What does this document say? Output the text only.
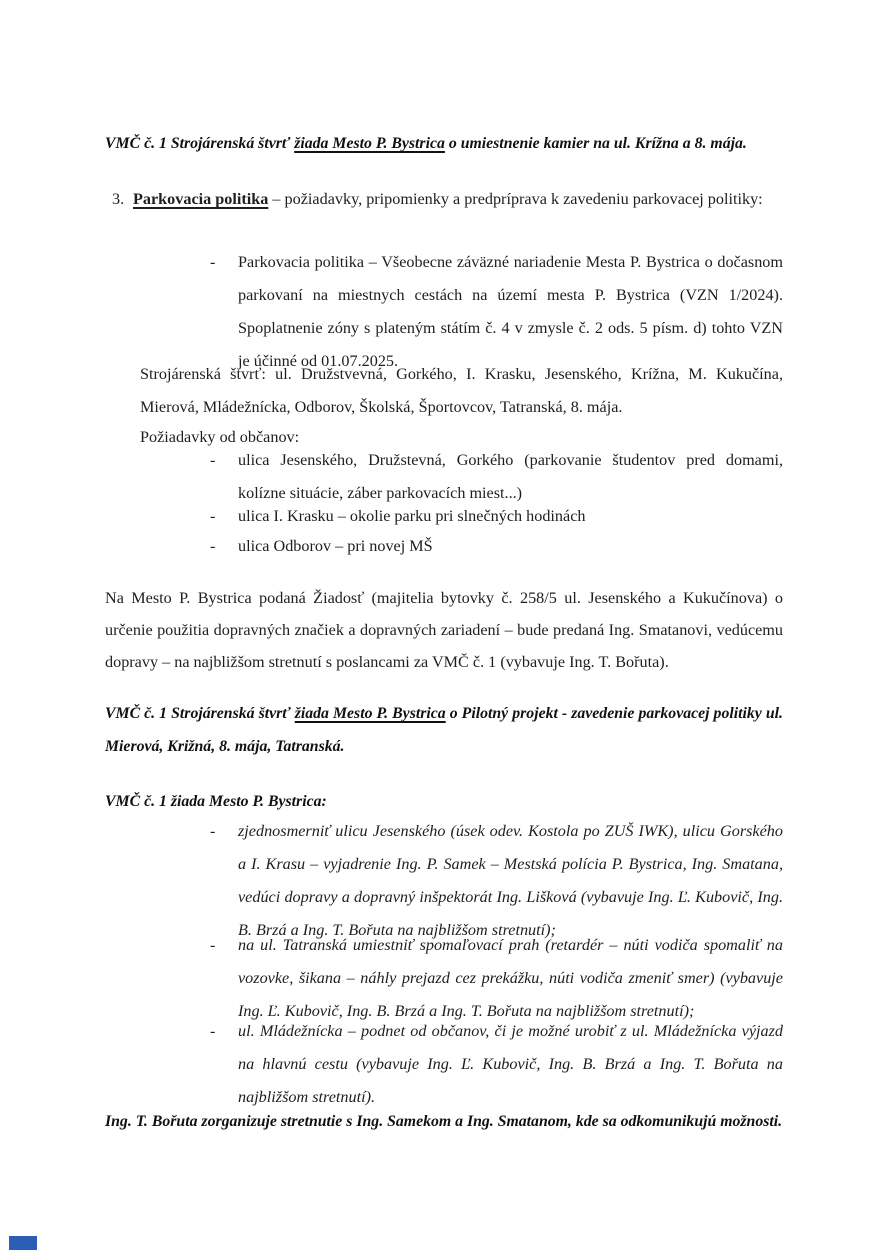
VMČ č. 1 Strojárenská štvrť žiada Mesto P. Bystrica o umiestnenie kamier na ul. Krížna a 8. mája.
3. Parkovacia politika – požiadavky, pripomienky a predpríprava k zavedeniu parkovacej politiky:
-	Parkovacia politika – Všeobecne záväzné nariadenie Mesta P. Bystrica o dočasnom parkovaní na miestnych cestách na území mesta P. Bystrica (VZN 1/2024). Spoplatnenie zóny s plateným státím č. 4 v zmysle č. 2 ods. 5 písm. d) tohto VZN je účinné od 01.07.2025.
Strojárenská štvrť: ul. Družstvevná, Gorkého, I. Krasku, Jesenského, Krížna, M. Kukučína, Mierová, Mládežnícka, Odborov, Školská, Športovcov, Tatranská, 8. mája.
Požiadavky od občanov:
-	ulica Jesenského, Družstevná, Gorkého (parkovanie študentov pred domami, kolízne situácie, záber parkovacích miest...)
-	ulica I. Krasku – okolie parku pri slnečných hodinách
-	ulica Odborov – pri novej MŠ
Na Mesto P. Bystrica podaná Žiadosť (majitelia bytovky č. 258/5 ul. Jesenského a Kukučínova) o určenie použitia dopravných značiek a dopravných zariadení – bude predaná Ing. Smatanovi, vedúcemu dopravy – na najbližšom stretnutí s poslancami za VMČ č. 1 (vybavuje Ing. T. Bořuta).
VMČ č. 1 Strojárenská štvrť žiada Mesto P. Bystrica o Pilotný projekt - zavedenie parkovacej politiky ul. Mierová, Križná, 8. mája, Tatranská.
VMČ č. 1 žiada Mesto P. Bystrica:
-	zjednosmerniť ulicu Jesenského (úsek odev. Kostola po ZUŠ IWK), ulicu Gorského a I. Krasu – vyjadrenie Ing. P. Samek – Mestská polícia P. Bystrica, Ing. Smatana, vedúci dopravy a dopravný inšpektorát Ing. Lišková (vybavuje Ing. Ľ. Kubovič, Ing. B. Brzá a Ing. T. Bořuta na najbližšom stretnutí);
-	na ul. Tatranská umiestniť spomaľovací prah (retardér – núti vodiča spomaliť na vozovke, šikana – náhly prejazd cez prekážku, núti vodiča zmeniť smer) (vybavuje Ing. Ľ. Kubovič, Ing. B. Brzá a Ing. T. Bořuta na najbližšom stretnutí);
-	ul. Mládežnícka – podnet od občanov, či je možné urobiť z ul. Mládežnícka výjazd na hlavnú cestu (vybavuje Ing. Ľ. Kubovič, Ing. B. Brzá a Ing. T. Bořuta na najbližšom stretnutí).
Ing. T. Bořuta zorganizuje stretnutie s Ing. Samekom a Ing. Smatanom, kde sa odkomunikujú možnosti.
